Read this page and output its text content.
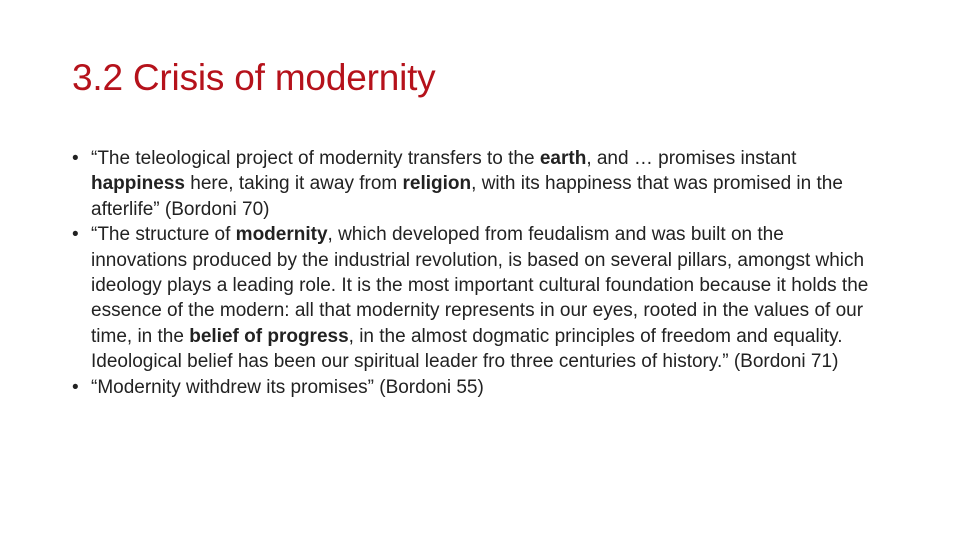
3.2 Crisis of modernity
• “The teleological project of modernity transfers to the earth, and … promises instant happiness here, taking it away from religion, with its happiness that was promised in the afterlife” (Bordoni 70)
• “The structure of modernity, which developed from feudalism and was built on the innovations produced by the industrial revolution, is based on several pillars, amongst which ideology plays a leading role. It is the most important cultural foundation because it holds the essence of the modern: all that modernity represents in our eyes, rooted in the values of our time, in the belief of progress, in the almost dogmatic principles of freedom and equality. Ideological belief has been our spiritual leader fro three centuries of history.” (Bordoni 71)
• “Modernity withdrew its promises” (Bordoni 55)
